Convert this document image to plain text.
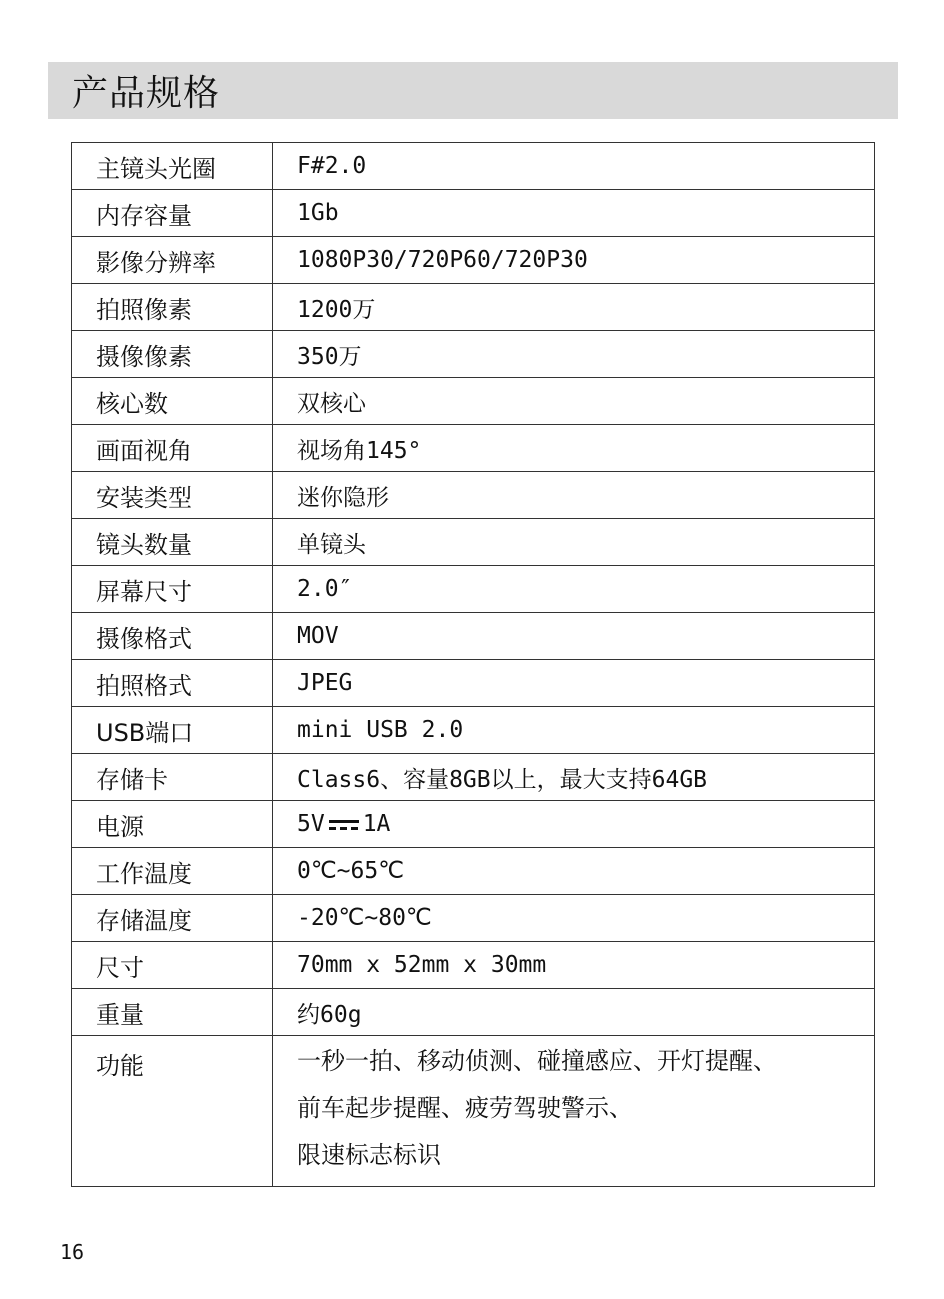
产品规格
主镜头光圈	F#2.0
内存容量	1Gb
影像分辨率	1080P30/720P60/720P30
拍照像素	1200万
摄像像素	350万
核心数	双核心
画面视角	视场角145°
安装类型	迷你隐形
镜头数量	单镜头
屏幕尺寸	2.0″
摄像格式	MOV
拍照格式	JPEG
USB端口	mini USB 2.0
存储卡	Class6、容量8GB以上，最大支持64GB
电源	5V 1A
工作温度	0℃~65℃
存储温度	-20℃~80℃
尺寸	70mm x 52mm x 30mm
重量	约60g
功能	一秒一拍、移动侦测、碰撞感应、开灯提醒、
前车起步提醒、疲劳驾驶警示、
限速标志标识
16
